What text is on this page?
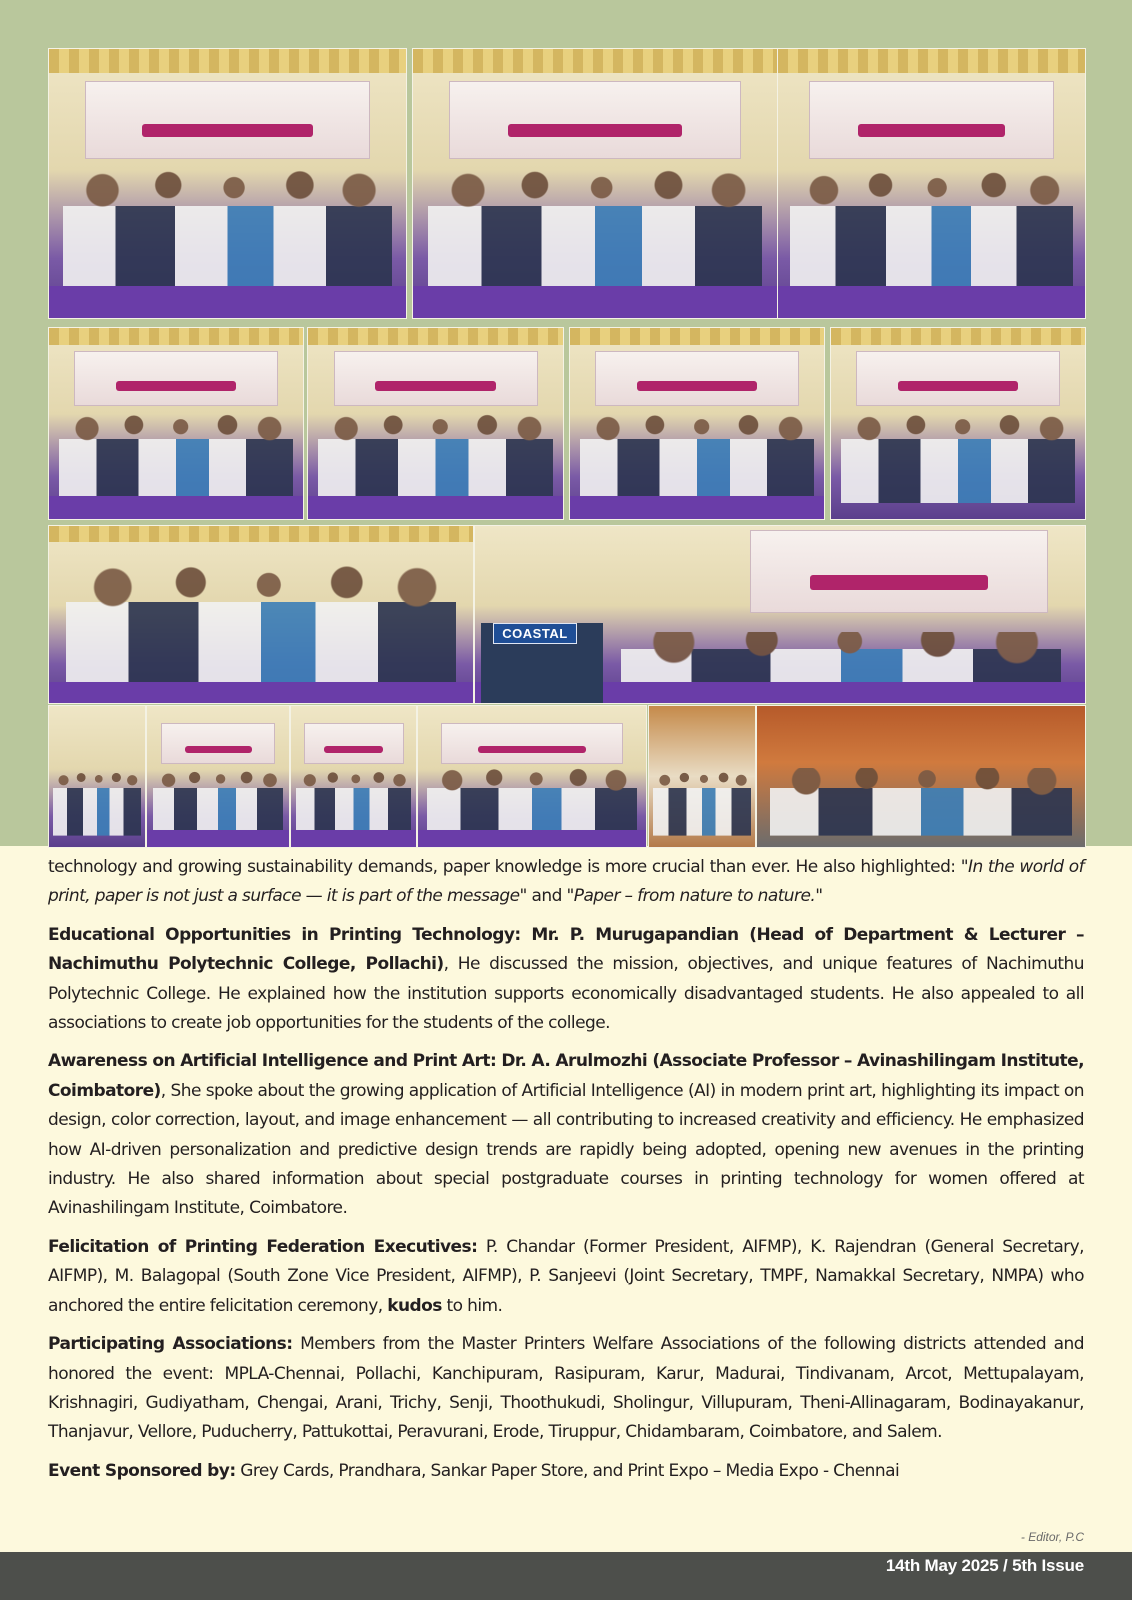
COASTAL

technology and growing sustainability demands, paper knowledge is more crucial than ever. He also highlighted: "In the world of print, paper is not just a surface — it is part of the message" and "Paper – from nature to nature."

Educational Opportunities in Printing Technology: Mr. P. Murugapandian (Head of Department & Lecturer – Nachimuthu Polytechnic College, Pollachi), He discussed the mission, objectives, and unique features of Nachimuthu Polytechnic College. He explained how the institution supports economically disadvantaged students. He also appealed to all associations to create job opportunities for the students of the college.

Awareness on Artificial Intelligence and Print Art: Dr. A. Arulmozhi (Associate Professor – Avinashilingam Institute, Coimbatore), She spoke about the growing application of Artificial Intelligence (AI) in modern print art, highlighting its impact on design, color correction, layout, and image enhancement — all contributing to increased creativity and efficiency. He emphasized how AI-driven personalization and predictive design trends are rapidly being adopted, opening new avenues in the printing industry. He also shared information about special postgraduate courses in printing technology for women offered at Avinashilingam Institute, Coimbatore.

Felicitation of Printing Federation Executives: P. Chandar (Former President, AIFMP), K. Rajendran (General Secretary, AIFMP), M. Balagopal (South Zone Vice President, AIFMP), P. Sanjeevi (Joint Secretary, TMPF, Namakkal Secretary, NMPA) who anchored the entire felicitation ceremony, kudos to him.

Participating Associations: Members from the Master Printers Welfare Associations of the following districts attended and honored the event: MPLA-Chennai, Pollachi, Kanchipuram, Rasipuram, Karur, Madurai, Tindivanam, Arcot, Mettupalayam, Krishnagiri, Gudiyatham, Chengai, Arani, Trichy, Senji, Thoothukudi, Sholingur, Villupuram, Theni-Allinagaram, Bodinayakanur, Thanjavur, Vellore, Puducherry, Pattukottai, Peravurani, Erode, Tiruppur, Chidambaram, Coimbatore, and Salem.

Event Sponsored by: Grey Cards, Prandhara, Sankar Paper Store, and Print Expo – Media Expo - Chennai

- Editor, P.C
14th May 2025 / 5th Issue
